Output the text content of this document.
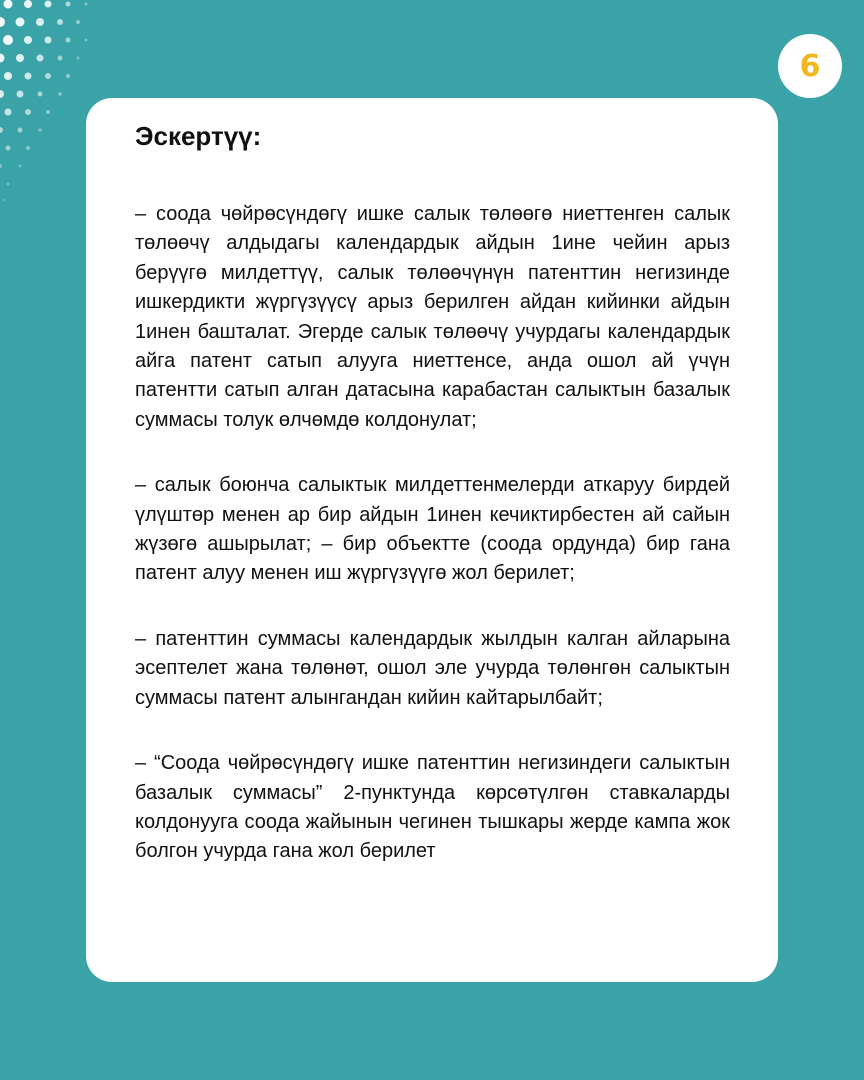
6
Эскертүү:

– соода чөйрөсүндөгү ишке салык төлөөгө ниеттенген салык төлөөчү алдыдагы календардык айдын 1ине чейин арыз берүүгө милдеттүү, салык төлөөчүнүн патенттин негизинде ишкердикти жүргүзүүсү арыз берилген айдан кийинки айдын 1инен башталат. Эгерде салык төлөөчү учурдагы календардык айга патент сатып алууга ниеттенсе, анда ошол ай үчүн патентти сатып алган датасына карабастан салыктын базалык суммасы толук өлчөмдө колдонулат;

– салык боюнча салыктык милдеттенмелерди аткаруу бирдей үлүштөр менен ар бир айдын 1инен кечиктирбестен ай сайын жүзөгө ашырылат; – бир объектте (соода ордунда) бир гана патент алуу менен иш жүргүзүүгө жол берилет;

– патенттин суммасы календардык жылдын калган айларына эсептелет жана төлөнөт, ошол эле учурда төлөнгөн салыктын суммасы патент алынгандан кийин кайтарылбайт;

– “Соода чөйрөсүндөгү ишке патенттин негизиндеги салыктын базалык суммасы” 2-пунктунда көрсөтүлгөн ставкаларды колдонууга соода жайынын чегинен тышкары жерде кампа жок болгон учурда гана жол берилет
